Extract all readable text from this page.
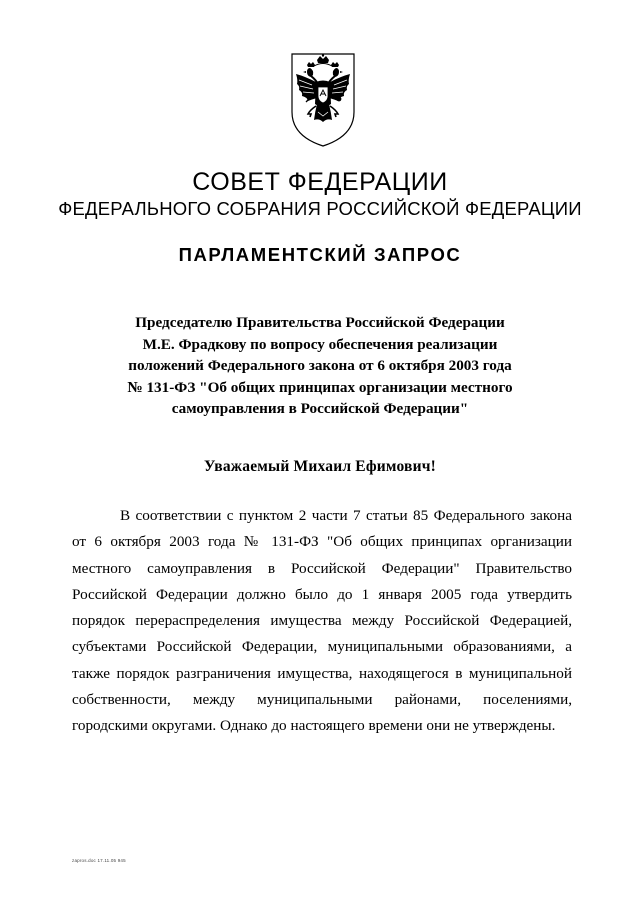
СОВЕТ ФЕДЕРАЦИИ
ФЕДЕРАЛЬНОГО СОБРАНИЯ РОССИЙСКОЙ ФЕДЕРАЦИИ
ПАРЛАМЕНТСКИЙ ЗАПРОС
Председателю Правительства Российской Федерации
М.Е. Фрадкову по вопросу обеспечения реализации
положений Федерального закона от 6 октября 2003 года
№ 131-ФЗ "Об общих принципах организации местного
самоуправления в Российской Федерации"
Уважаемый Михаил Ефимович!
В соответствии с пунктом 2 части 7 статьи 85 Федерального закона
от 6 октября 2003 года № 131-ФЗ "Об общих принципах организации
местного самоуправления в Российской Федерации" Правительство
Российской Федерации должно было до 1 января 2005 года утвердить
порядок перераспределения имущества между Российской Федерацией,
субъектами Российской Федерации, муниципальными образованиями, а
также порядок разграничения имущества, находящегося в муниципальной
собственности, между муниципальными районами, поселениями,
городскими округами. Однако до настоящего времени они не утверждены.
zapros.doc 17.11.05 945
